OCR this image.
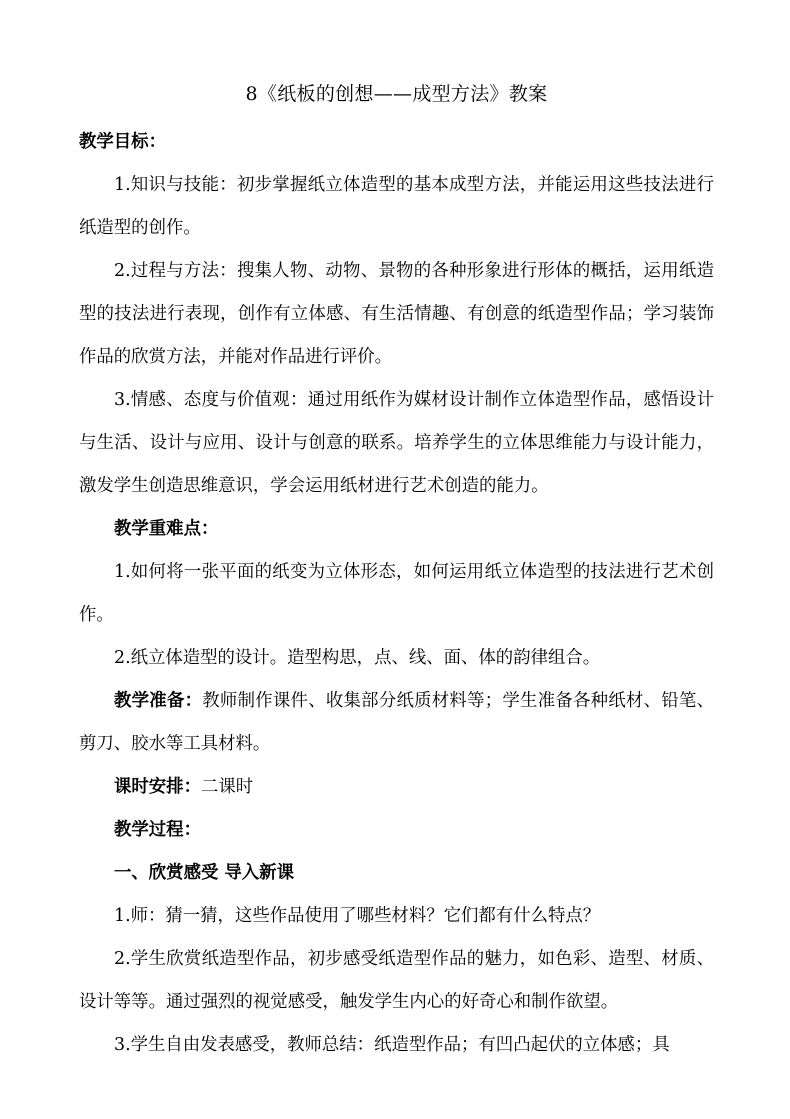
8《纸板的创想——成型方法》教案

教学目标：

1.知识与技能：初步掌握纸立体造型的基本成型方法，并能运用这些技法进行纸造型的创作。

2.过程与方法：搜集人物、动物、景物的各种形象进行形体的概括，运用纸造型的技法进行表现，创作有立体感、有生活情趣、有创意的纸造型作品；学习装饰作品的欣赏方法，并能对作品进行评价。

3.情感、态度与价值观：通过用纸作为媒材设计制作立体造型作品，感悟设计与生活、设计与应用、设计与创意的联系。培养学生的立体思维能力与设计能力，激发学生创造思维意识，学会运用纸材进行艺术创造的能力。

教学重难点：

1.如何将一张平面的纸变为立体形态，如何运用纸立体造型的技法进行艺术创作。

2.纸立体造型的设计。造型构思，点、线、面、体的韵律组合。

教学准备：教师制作课件、收集部分纸质材料等；学生准备各种纸材、铅笔、剪刀、胶水等工具材料。

课时安排：二课时

教学过程：

一、欣赏感受 导入新课

1.师：猜一猜，这些作品使用了哪些材料？它们都有什么特点？

2.学生欣赏纸造型作品，初步感受纸造型作品的魅力，如色彩、造型、材质、设计等等。通过强烈的视觉感受，触发学生内心的好奇心和制作欲望。

3.学生自由发表感受，教师总结：纸造型作品；有凹凸起伏的立体感；具
